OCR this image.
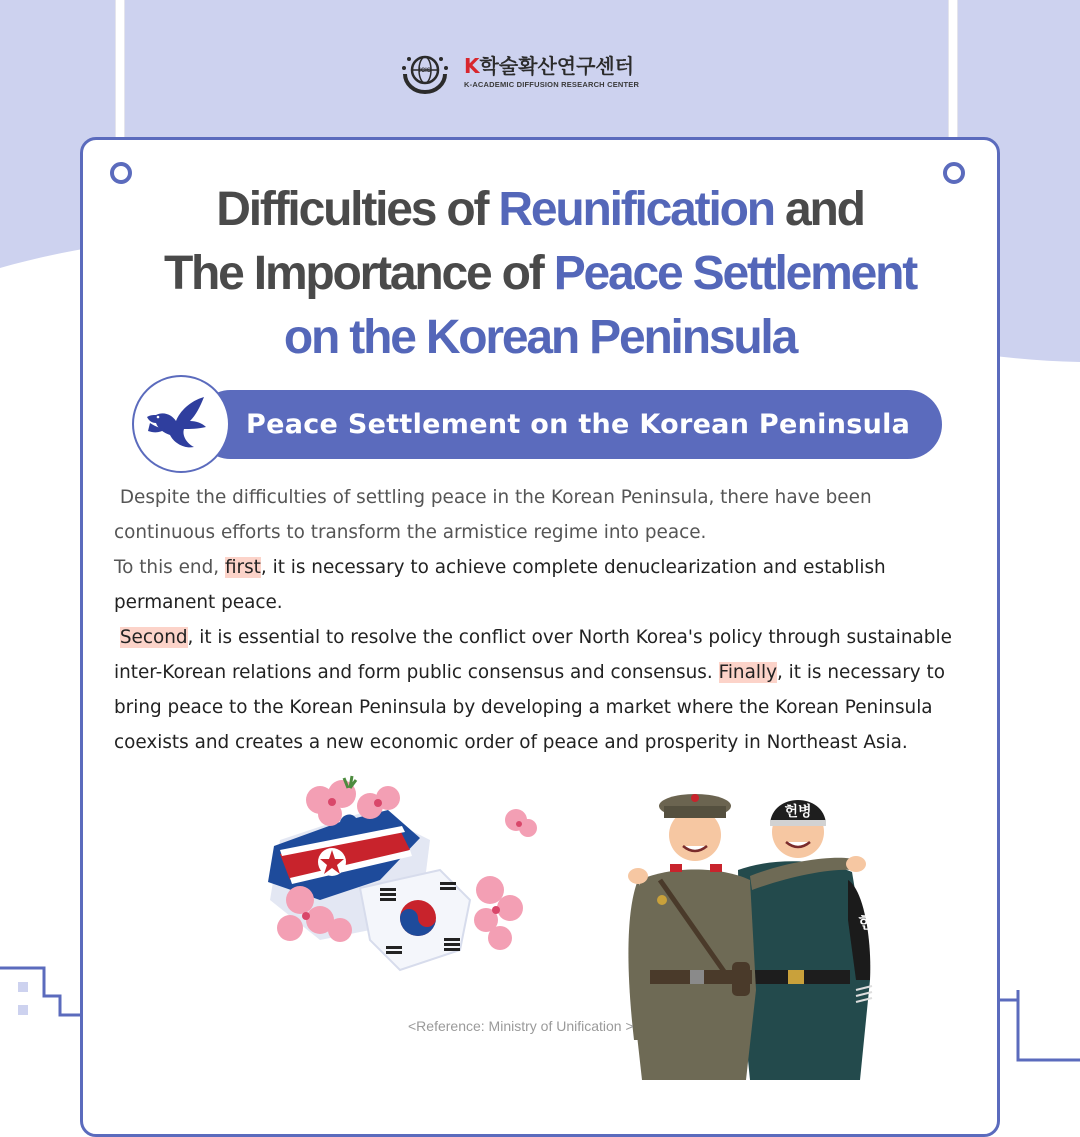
ICIS K학술확산연구센터
K-ACADEMIC DIFFUSION RESEARCH CENTER
Difficulties of Reunification and
The Importance of Peace Settlement
on the Korean Peninsula
Peace Settlement on the Korean Peninsula

Despite the difficulties of settling peace in the Korean Peninsula, there have been continuous efforts to transform the armistice regime into peace.

To this end, first, it is necessary to achieve complete denuclearization and establish permanent peace.

Second, it is essential to resolve the conflict over North Korea's policy through sustainable inter-Korean relations and form public consensus and consensus. Finally, it is necessary to bring peace to the Korean Peninsula by developing a market where the Korean Peninsula coexists and creates a new economic order of peace and prosperity in Northeast Asia.

헌
헌병
<Reference: Ministry of Unification >
